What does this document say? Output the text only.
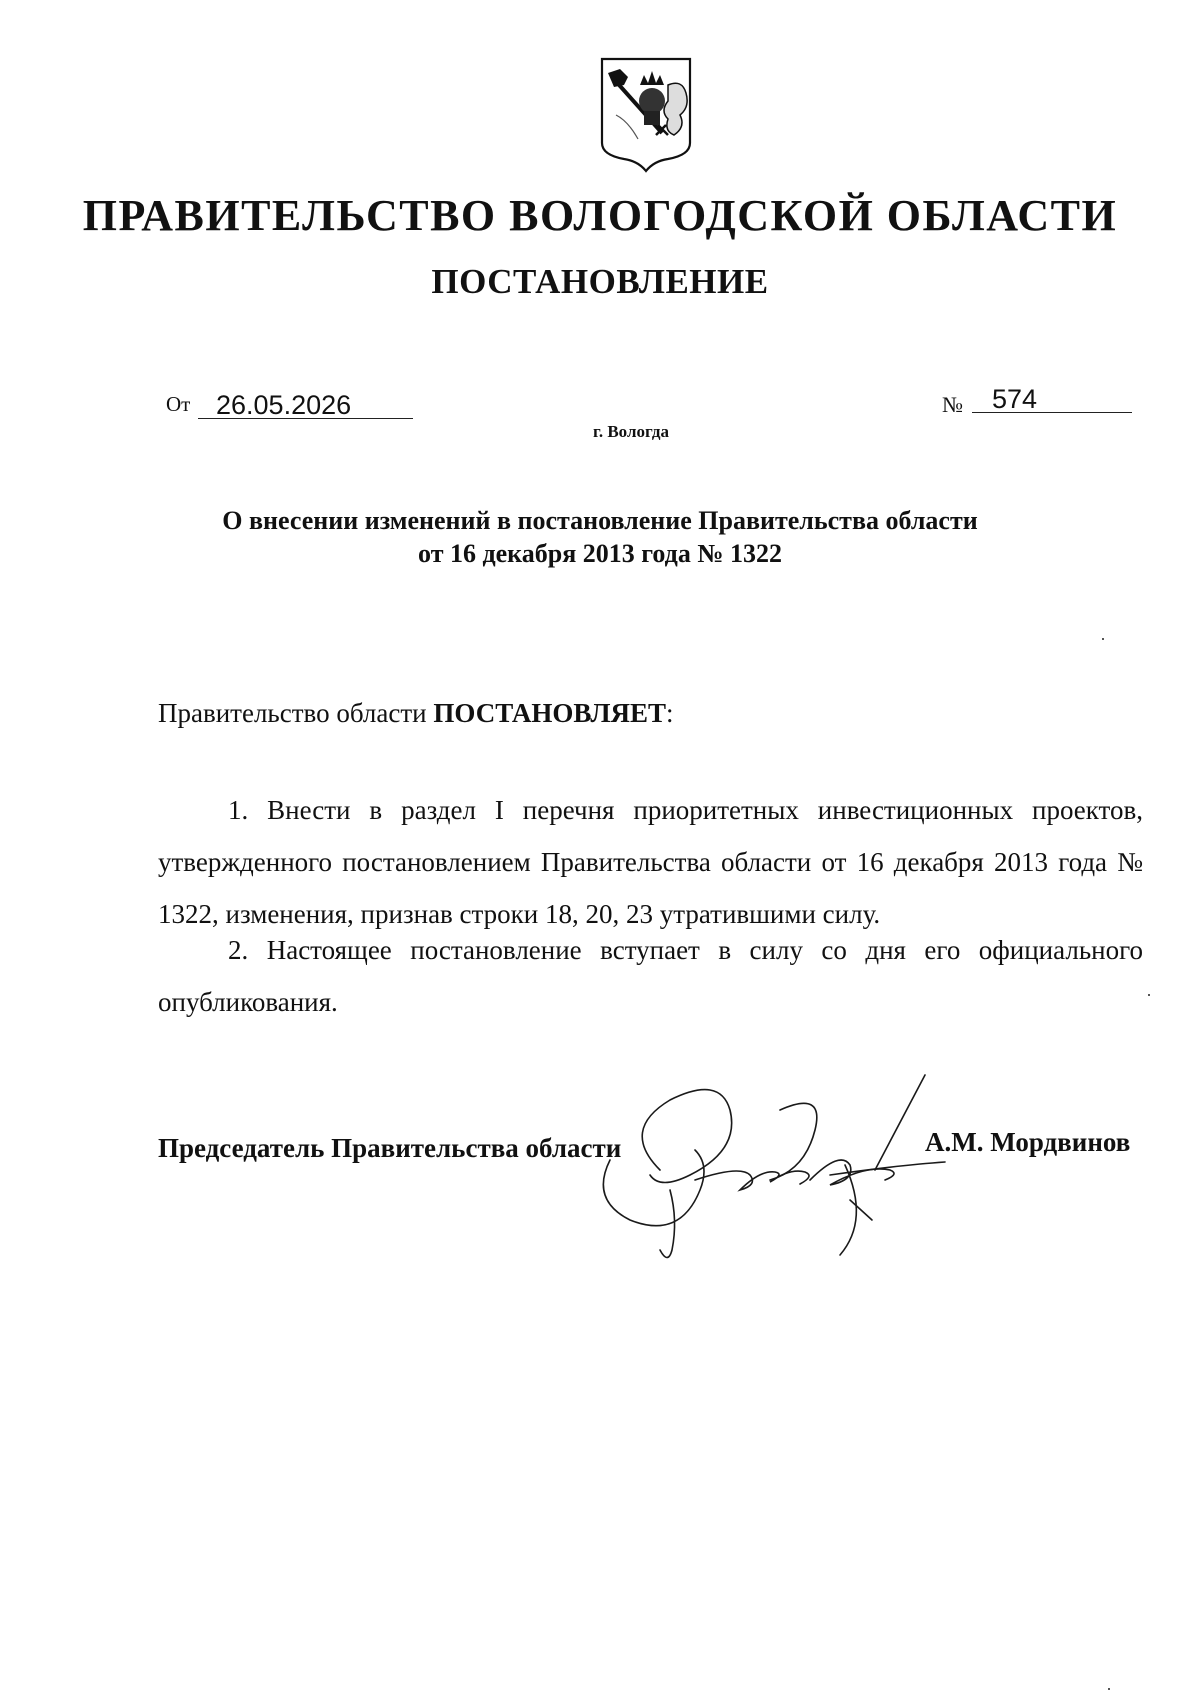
ПРАВИТЕЛЬСТВО ВОЛОГОДСКОЙ ОБЛАСТИ
ПОСТАНОВЛЕНИЕ
От 26.05.2026	№ 574
г. Вологда
О внесении изменений в постановление Правительства области
от 16 декабря 2013 года № 1322
Правительство области ПОСТАНОВЛЯЕТ:

1. Внести в раздел I перечня приоритетных инвестиционных проектов, утвержденного постановлением Правительства области от 16 декабря 2013 года № 1322, изменения, признав строки 18, 20, 23 утратившими силу.

2. Настоящее постановление вступает в силу со дня его официального опубликования.

Председатель Правительства области	А.М. Мордвинов
